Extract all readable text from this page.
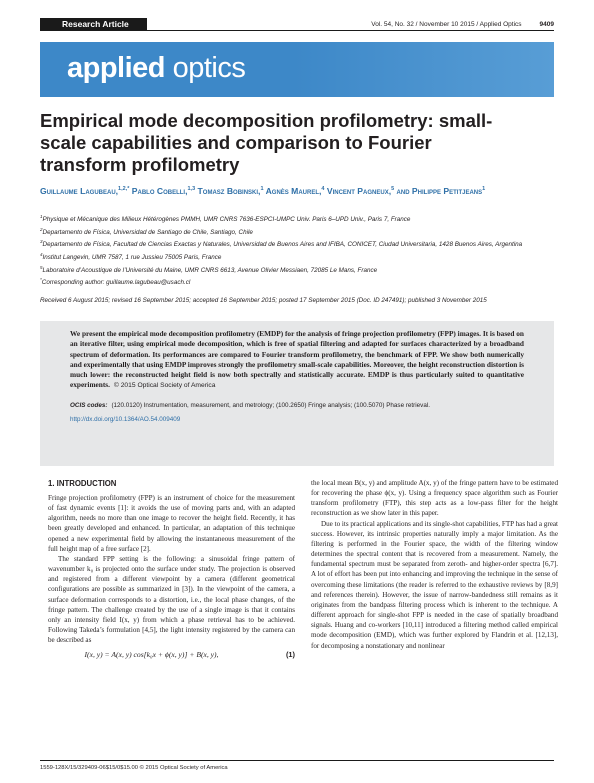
Research Article	Vol. 54, No. 32 / November 10 2015 / Applied Optics	9409
applied optics
Empirical mode decomposition profilometry: small-scale capabilities and comparison to Fourier transform profilometry
Guillaume Lagubeau,$^{1,2,*}$ Pablo Cobelli,$^{1,3}$ Tomasz Bobinski,$^1$ Agnès Maurel,$^4$ Vincent Pagneux,$^5$ and Philippe Petitjeans$^1$
$^1$Physique et Mécanique des Milieux Hétérogènes PMMH, UMR CNRS 7636-ESPCI-UMPC Univ. Paris 6–UPD Univ., Paris 7, France
$^2$Departamento de Física, Universidad de Santiago de Chile, Santiago, Chile
$^3$Departamento de Física, Facultad de Ciencias Exactas y Naturales, Universidad de Buenos Aires and IFIBA, CONICET, Ciudad Universitaria, 1428 Buenos Aires, Argentina
$^4$Institut Langevin, UMR 7587, 1 rue Jussieu 75005 Paris, France
$^5$Laboratoire d’Acoustique de l’Université du Maine, UMR CNRS 6613, Avenue Olivier Messiaen, 72085 Le Mans, France
*Corresponding author: guillaume.lagubeau@usach.cl
Received 6 August 2015; revised 16 September 2015; accepted 16 September 2015; posted 17 September 2015 (Doc. ID 247491); published 3 November 2015

We present the empirical mode decomposition profilometry (EMDP) for the analysis of fringe projection profilometry (FPP) images. It is based on an iterative filter, using empirical mode decomposition, which is free of spatial filtering and adapted for surfaces characterized by a broadband spectrum of deformation. Its performances are compared to Fourier transform profilometry, the benchmark of FPP. We show both numerically and experimentally that using EMDP improves strongly the profilometry small-scale capabilities. Moreover, the height reconstruction distortion is much lower: the reconstructed height field is now both spectrally and statistically accurate. EMDP is thus particularly suited to quantitative experiments. © 2015 Optical Society of America

OCIS codes: (120.0120) Instrumentation, measurement, and metrology; (100.2650) Fringe analysis; (100.5070) Phase retrieval.

http://dx.doi.org/10.1364/AO.54.009409

1. INTRODUCTION

Fringe projection profilometry (FPP) is an instrument of choice for the measurement of fast dynamic events [1]: it avoids the use of moving parts and, with an adapted algorithm, needs no more than one image to recover the height field. Recently, it has been greatly developed and enhanced. In particular, an adaptation of this technique opened a new experimental field by allowing the instantaneous measurement of the full height map of a free surface [2].

The standard FPP setting is the following: a sinusoidal fringe pattern of wavenumber k₀ is projected onto the surface under study. The projection is observed and registered from a different viewpoint by a camera (different geometrical configurations are possible as summarized in [3]). In the viewpoint of the camera, a surface deformation corresponds to a distortion, i.e., the local phase changes, of the fringe pattern. The challenge created by the use of a single image is that it contains only an intensity field I(x, y) from which a phase retrieval has to be achieved. Following Takeda’s formulation [4,5], the light intensity registered by the camera can be described as

I(x, y) = A(x, y) cos[k₀x + ϕ(x, y)] + B(x, y),	(1)

the local mean B(x, y) and amplitude A(x, y) of the fringe pattern have to be estimated for recovering the phase ϕ(x, y). Using a frequency space algorithm such as Fourier transform profilometry (FTP), this step acts as a low-pass filter for the height reconstruction as we show later in this paper.

Due to its practical applications and its single-shot capabilities, FTP has had a great success. However, its intrinsic properties naturally imply a major limitation. As the filtering is performed in the Fourier space, the width of the filtering window determines the spectral content that is recovered from a measurement. Namely, the fundamental spectrum must be separated from zeroth- and higher-order spectra [6,7]. A lot of effort has been put into enhancing and improving the technique in the sense of overcoming these limitations (the reader is referred to the exhaustive reviews by [8,9] and references therein). However, the issue of narrow-bandedness still remains as it originates from the bandpass filtering process which is inherent to the technique. A different approach for single-shot FPP is needed in the case of spatially broadband signals. Huang and co-workers [10,11] introduced a filtering method called empirical mode decomposition (EMD), which was further explored by Flandrin et al. [12,13], for decomposing a nonstationary and nonlinear

1559-128X/15/329409-06$15/0$15.00 © 2015 Optical Society of America
